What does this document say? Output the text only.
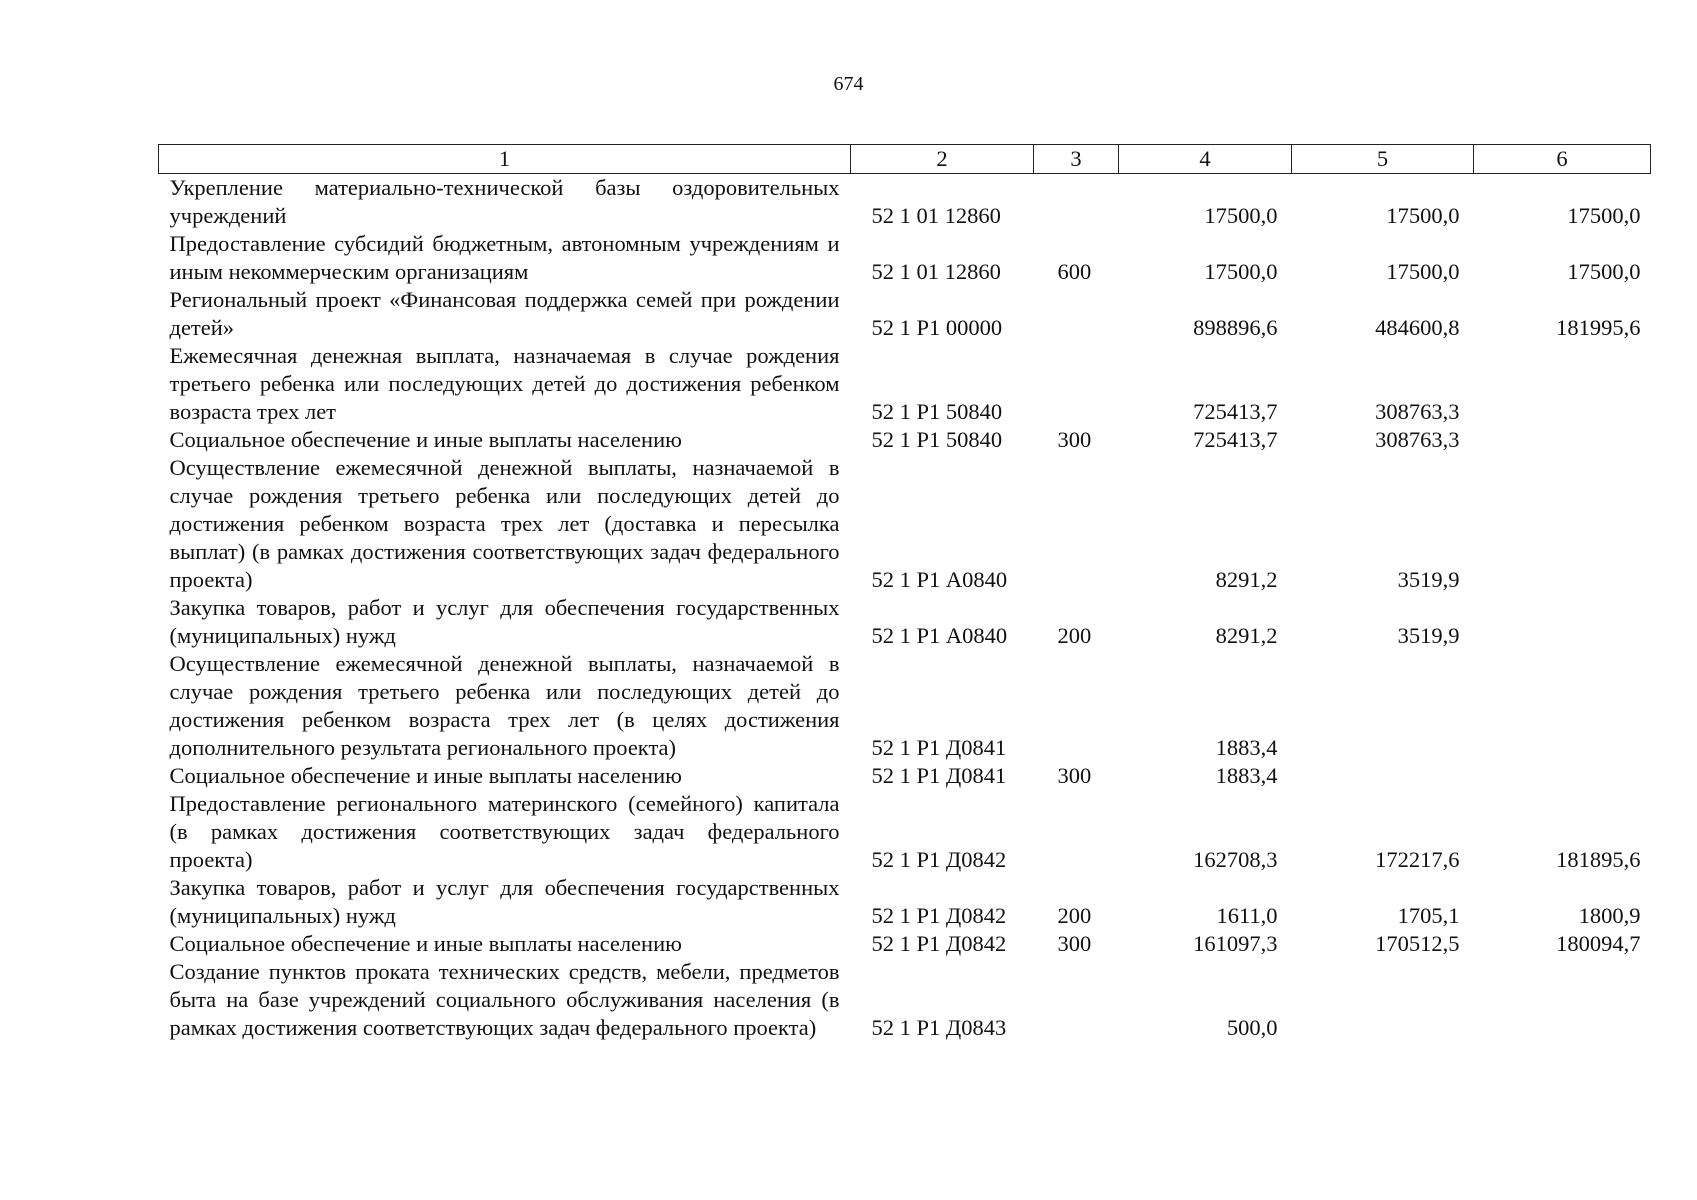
674
1	2	3	4	5	6
Укрепление материально-технической базы оздоровительных учреждений	52 1 01 12860		17500,0	17500,0	17500,0
Предоставление субсидий бюджетным, автономным учреждениям и иным некоммерческим организациям	52 1 01 12860	600	17500,0	17500,0	17500,0
Региональный проект «Финансовая поддержка семей при рождении детей»	52 1 Р1 00000		898896,6	484600,8	181995,6
Ежемесячная денежная выплата, назначаемая в случае рождения третьего ребенка или последующих детей до достижения ребенком возраста трех лет	52 1 Р1 50840		725413,7	308763,3	
Социальное обеспечение и иные выплаты населению	52 1 Р1 50840	300	725413,7	308763,3	
Осуществление ежемесячной денежной выплаты, назначаемой в случае рождения третьего ребенка или последующих детей до достижения ребенком возраста трех лет (доставка и пересылка выплат) (в рамках достижения соответствующих задач федерального проекта)	52 1 Р1 А0840		8291,2	3519,9	
Закупка товаров, работ и услуг для обеспечения государственных (муниципальных) нужд	52 1 Р1 А0840	200	8291,2	3519,9	
Осуществление ежемесячной денежной выплаты, назначаемой в случае рождения третьего ребенка или последующих детей до достижения ребенком возраста трех лет (в целях достижения дополнительного результата регионального проекта)	52 1 Р1 Д0841		1883,4		
Социальное обеспечение и иные выплаты населению	52 1 Р1 Д0841	300	1883,4		
Предоставление регионального материнского (семейного) капитала (в рамках достижения соответствующих задач федерального проекта)	52 1 Р1 Д0842		162708,3	172217,6	181895,6
Закупка товаров, работ и услуг для обеспечения государственных (муниципальных) нужд	52 1 Р1 Д0842	200	1611,0	1705,1	1800,9
Социальное обеспечение и иные выплаты населению	52 1 Р1 Д0842	300	161097,3	170512,5	180094,7
Создание пунктов проката технических средств, мебели, предметов быта на базе учреждений социального обслуживания населения (в рамках достижения соответствующих задач федерального проекта)	52 1 Р1 Д0843		500,0		
